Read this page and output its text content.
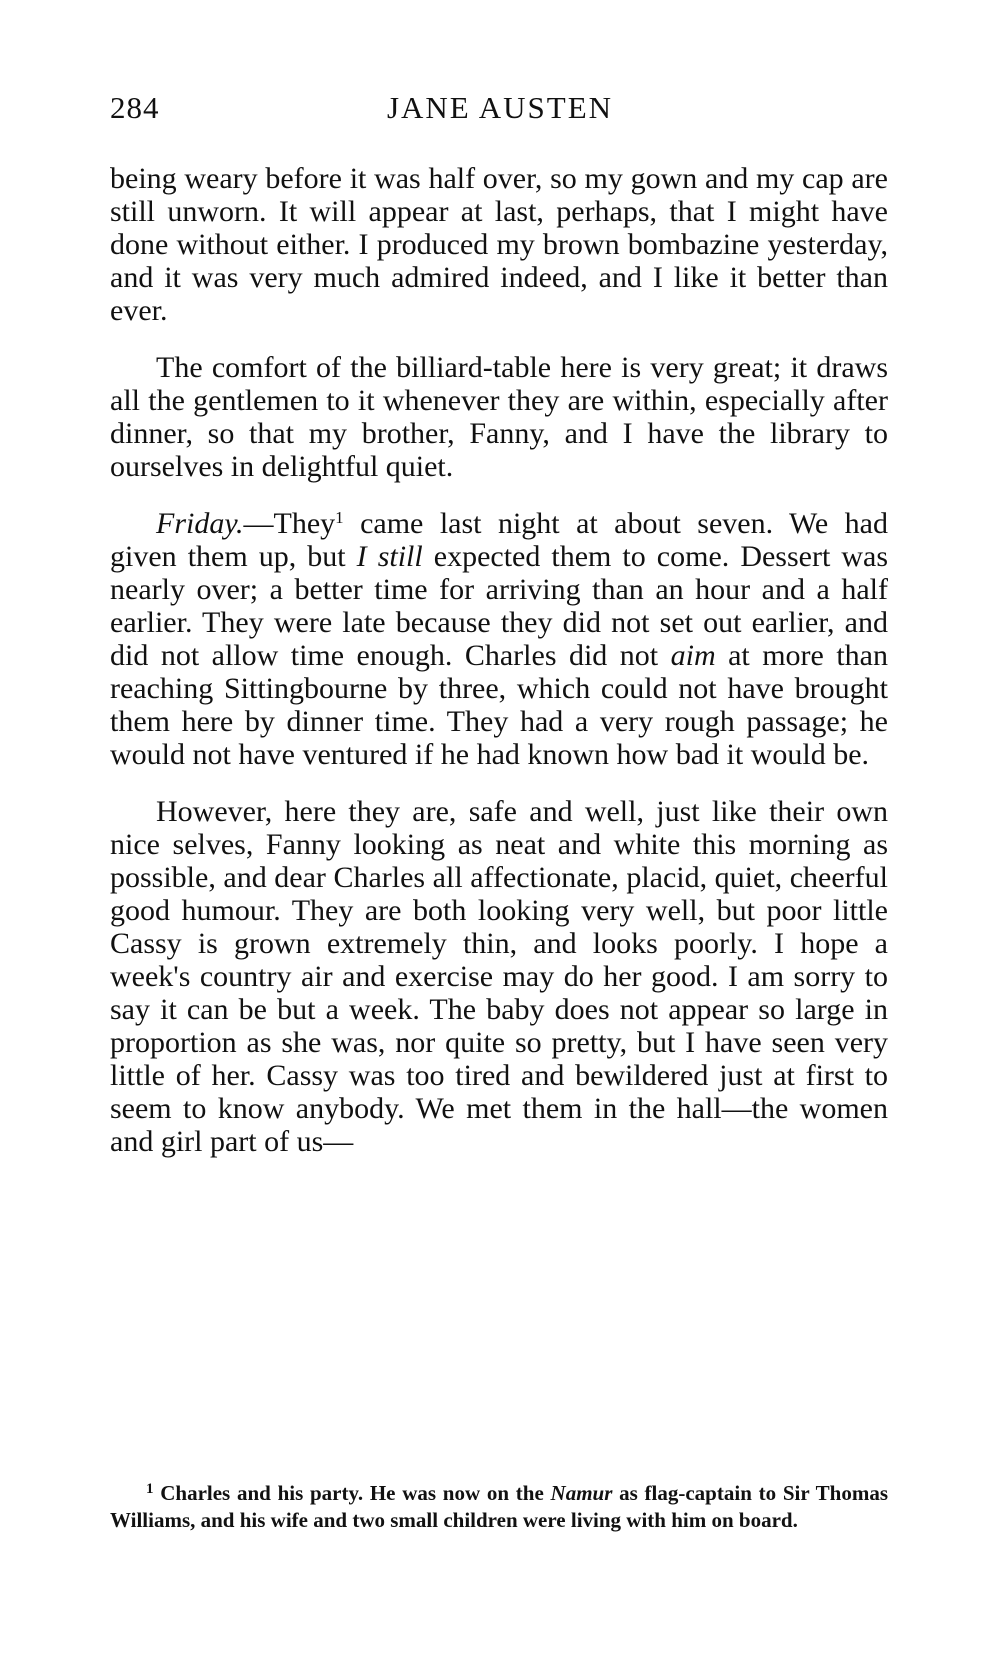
284	JANE AUSTEN

being weary before it was half over, so my gown and my cap are still unworn. It will appear at last, perhaps, that I might have done without either. I produced my brown bombazine yesterday, and it was very much admired indeed, and I like it better than ever.

The comfort of the billiard-table here is very great; it draws all the gentlemen to it whenever they are within, especially after dinner, so that my brother, Fanny, and I have the library to ourselves in delightful quiet.

Friday.—They$^1$ came last night at about seven. We had given them up, but I still expected them to come. Dessert was nearly over; a better time for arriving than an hour and a half earlier. They were late because they did not set out earlier, and did not allow time enough. Charles did not aim at more than reaching Sittingbourne by three, which could not have brought them here by dinner time. They had a very rough passage; he would not have ventured if he had known how bad it would be.

However, here they are, safe and well, just like their own nice selves, Fanny looking as neat and white this morning as possible, and dear Charles all affectionate, placid, quiet, cheerful good humour. They are both looking very well, but poor little Cassy is grown extremely thin, and looks poorly. I hope a week's country air and exercise may do her good. I am sorry to say it can be but a week. The baby does not appear so large in proportion as she was, nor quite so pretty, but I have seen very little of her. Cassy was too tired and bewildered just at first to seem to know anybody. We met them in the hall—the women and girl part of us—

$^1$ Charles and his party. He was now on the Namur as flag-captain to Sir Thomas Williams, and his wife and two small children were living with him on board.
